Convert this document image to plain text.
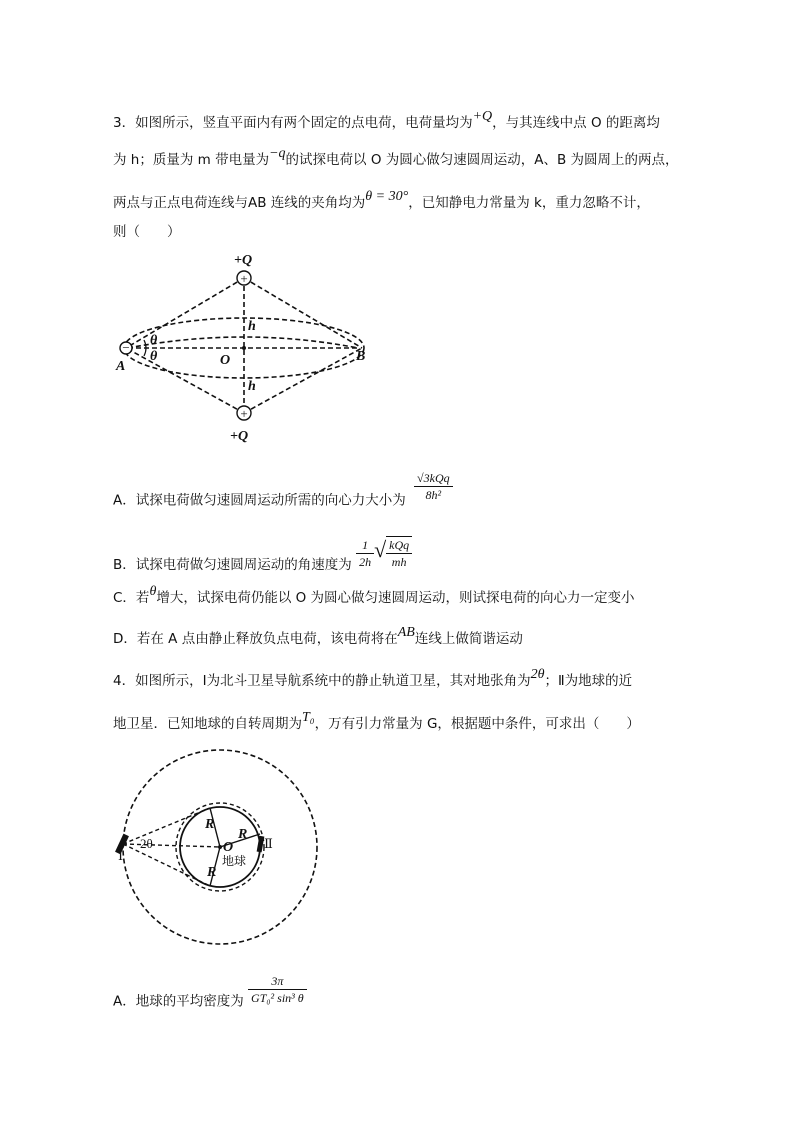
3．如图所示，竖直平面内有两个固定的点电荷，电荷量均为+Q，与其连线中点 O 的距离均
为 h；质量为 m 带电量为−q的试探电荷以 O 为圆心做匀速圆周运动，A、B 为圆周上的两点，
两点与正点电荷连线与AB 连线的夹角均为θ = 30°，已知静电力常量为 k，重力忽略不计，
则（　　）
+
+
−
+Q
+Q
A
B
O
h
h
θ
θ
A．试探电荷做匀速圆周运动所需的向心力大小为 $\frac{\text{√3kQq}}{\text{8h²}}$
B．试探电荷做匀速圆周运动的角速度为 $\frac{1}{2h}$ √ $\frac{\text{kQq}}{mh}$
C．若θ增大，试探电荷仍能以 O 为圆心做匀速圆周运动，则试探电荷的向心力一定变小
D．若在 A 点由静止释放负点电荷，该电荷将在AB连线上做简谐运动
4．如图所示，Ⅰ为北斗卫星导航系统中的静止轨道卫星，其对地张角为2θ；Ⅱ为地球的近
地卫星．已知地球的自转周期为T₀，万有引力常量为 G，根据题中条件，可求出（　　）
Ⅰ
Ⅱ
2θ
R
R
R
O
地球
A．地球的平均密度为 $\frac{3\pi}{\text{GT₀² sin³ θ}}$
